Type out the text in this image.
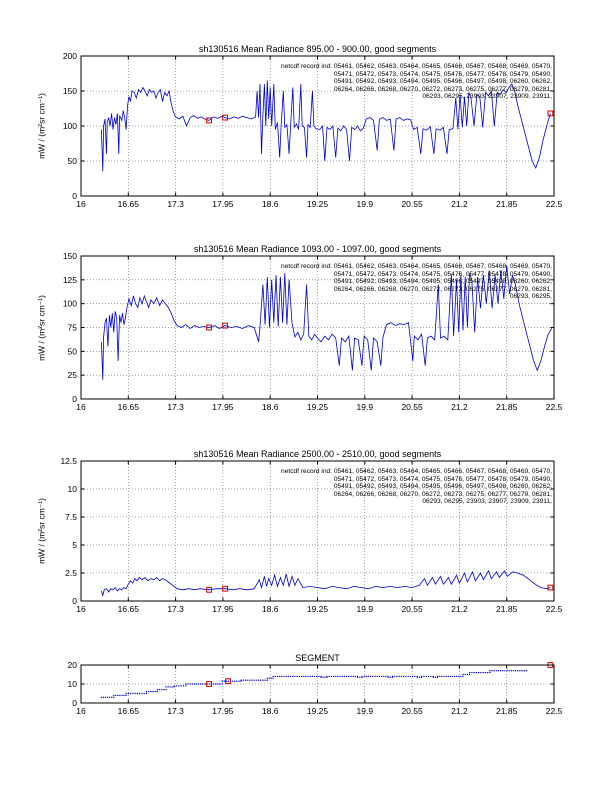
sh130516 Mean Radiance 895.00 - 900.00, good segments
mW / (m²sr cm⁻¹)
16	16.65	17.3	17.95	18.6	19.25	19.9	20.55	21.2	21.85	22.5
0
50
100
150
200
netcdf record ind: 05461, 05462, 05463, 05464, 05465, 05466, 05467, 05468, 05469, 05470,
05471, 05472, 05473, 05474, 05475, 05476, 05477, 05478, 05479, 05490,
05491, 05492, 05493, 05494, 05495, 05496, 05497, 05498, 06260, 06262,
06264, 06266, 06268, 06270, 06272, 06273, 06275, 06277, 06279, 06281,
06293, 06295, 23903, 23907, 23909, 23911,
sh130516 Mean Radiance 1093.00 - 1097.00, good segments
mW / (m²sr cm⁻¹)
16	16.65	17.3	17.95	18.6	19.25	19.9	20.55	21.2	21.85	22.5
0
25
50
75
100
125
150
netcdf record ind: 05461, 05462, 05463, 05464, 05465, 05466, 05467, 05468, 05469, 05470,
05471, 05472, 05473, 05474, 05475, 05476, 05477, 05478, 05479, 05490,
05491, 05492, 05493, 05494, 05495, 05496, 05497, 05498, 06260, 06262,
06264, 06266, 06268, 06270, 06272, 06273, 06275, 06277, 06279, 06281,
06293, 06295,
sh130516 Mean Radiance 2500.00 - 2510.00, good segments
mW / (m²sr cm⁻¹)
16	16.65	17.3	17.95	18.6	19.25	19.9	20.55	21.2	21.85	22.5
0
2.5
5
7.5
10
12.5
netcdf record ind: 05461, 05462, 05463, 05464, 05465, 05466, 05467, 05468, 05469, 05470,
05471, 05472, 05473, 05474, 05475, 05476, 05477, 05478, 05479, 05490,
05491, 05492, 05493, 05494, 05495, 05496, 05497, 05498, 06260, 06262,
06264, 06266, 06268, 06270, 06272, 06273, 06275, 06277, 06279, 06281,
06293, 06295, 23903, 23907, 23909, 23911,
SEGMENT
16	16.65	17.3	17.95	18.6	19.25	19.9	20.55	21.2	21.85	22.5
0
10
20
